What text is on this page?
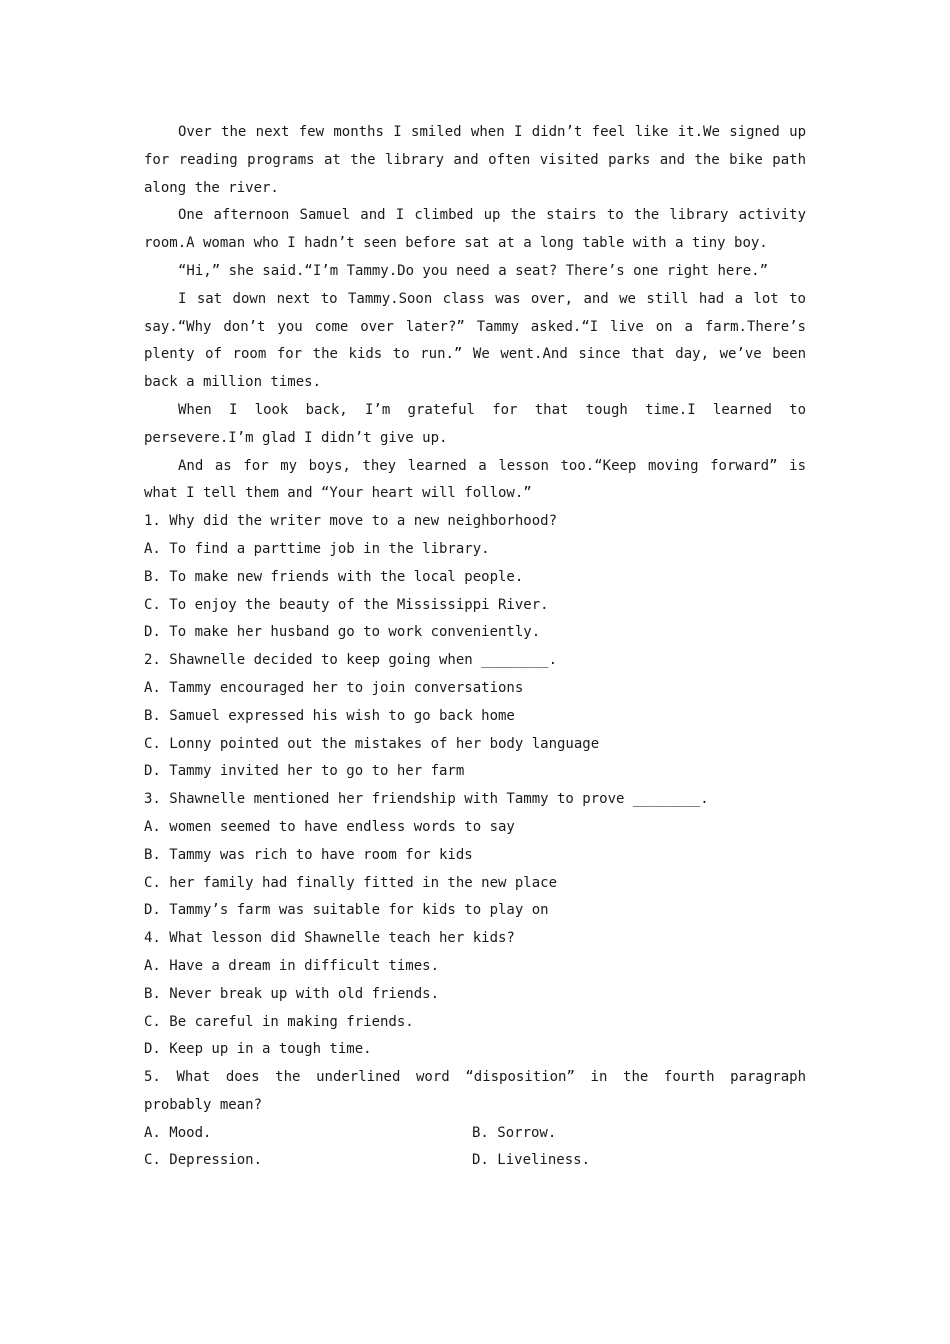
Over the next few months I smiled when I didn’t feel like it.We signed up for reading programs at the library and often visited parks and the bike path along the river.

One afternoon Samuel and I climbed up the stairs to the library activity room.A woman who I hadn’t seen before sat at a long table with a tiny boy.

“Hi,” she said.“I’m Tammy.Do you need a seat? There’s one right here.”

I sat down next to Tammy.Soon class was over, and we still had a lot to say.“Why don’t you come over later?” Tammy asked.“I live on a farm.There’s plenty of room for the kids to run.” We went.And since that day, we’ve been back a million times.

When I look back, I’m grateful for that tough time.I learned to persevere.I’m glad I didn’t give up.

And as for my boys, they learned a lesson too.“Keep moving forward” is what I tell them and “Your heart will follow.”

1. Why did the writer move to a new neighborhood?

A. To find a parttime job in the library.

B. To make new friends with the local people.

C. To enjoy the beauty of the Mississippi River.

D. To make her husband go to work conveniently.

2. Shawnelle decided to keep going when ________.

A. Tammy encouraged her to join conversations

B. Samuel expressed his wish to go back home

C. Lonny pointed out the mistakes of her body language

D. Tammy invited her to go to her farm

3. Shawnelle mentioned her friendship with Tammy to prove ________.

A. women seemed to have endless words to say

B. Tammy was rich to have room for kids

C. her family had finally fitted in the new place

D. Tammy’s farm was suitable for kids to play on

4. What lesson did Shawnelle teach her kids?

A. Have a dream in difficult times.

B. Never break up with old friends.

C. Be careful in making friends.

D. Keep up in a tough time.

5. What does the underlined word “disposition” in the fourth paragraph probably mean?

A. Mood.	B. Sorrow.
C. Depression.	D. Liveliness.
